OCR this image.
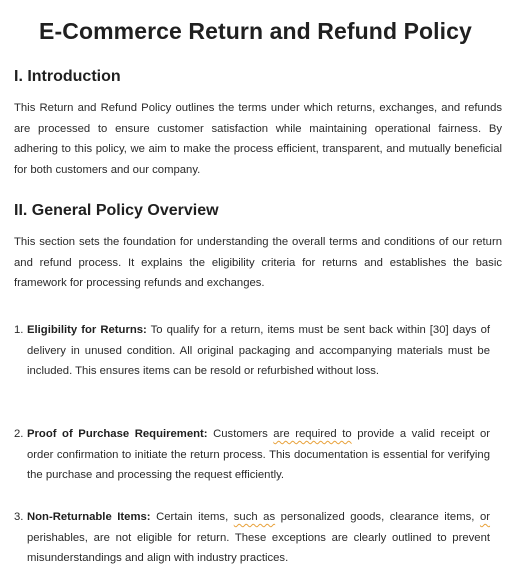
E-Commerce Return and Refund Policy
I. Introduction
This Return and Refund Policy outlines the terms under which returns, exchanges, and refunds are processed to ensure customer satisfaction while maintaining operational fairness. By adhering to this policy, we aim to make the process efficient, transparent, and mutually beneficial for both customers and our company.
II. General Policy Overview
This section sets the foundation for understanding the overall terms and conditions of our return and refund process. It explains the eligibility criteria for returns and establishes the basic framework for processing refunds and exchanges.
1. Eligibility for Returns: To qualify for a return, items must be sent back within [30] days of delivery in unused condition. All original packaging and accompanying materials must be included. This ensures items can be resold or refurbished without loss.
2. Proof of Purchase Requirement: Customers are required to provide a valid receipt or order confirmation to initiate the return process. This documentation is essential for verifying the purchase and processing the request efficiently.
3. Non-Returnable Items: Certain items, such as personalized goods, clearance items, or perishables, are not eligible for return. These exceptions are clearly outlined to prevent misunderstandings and align with industry practices.
